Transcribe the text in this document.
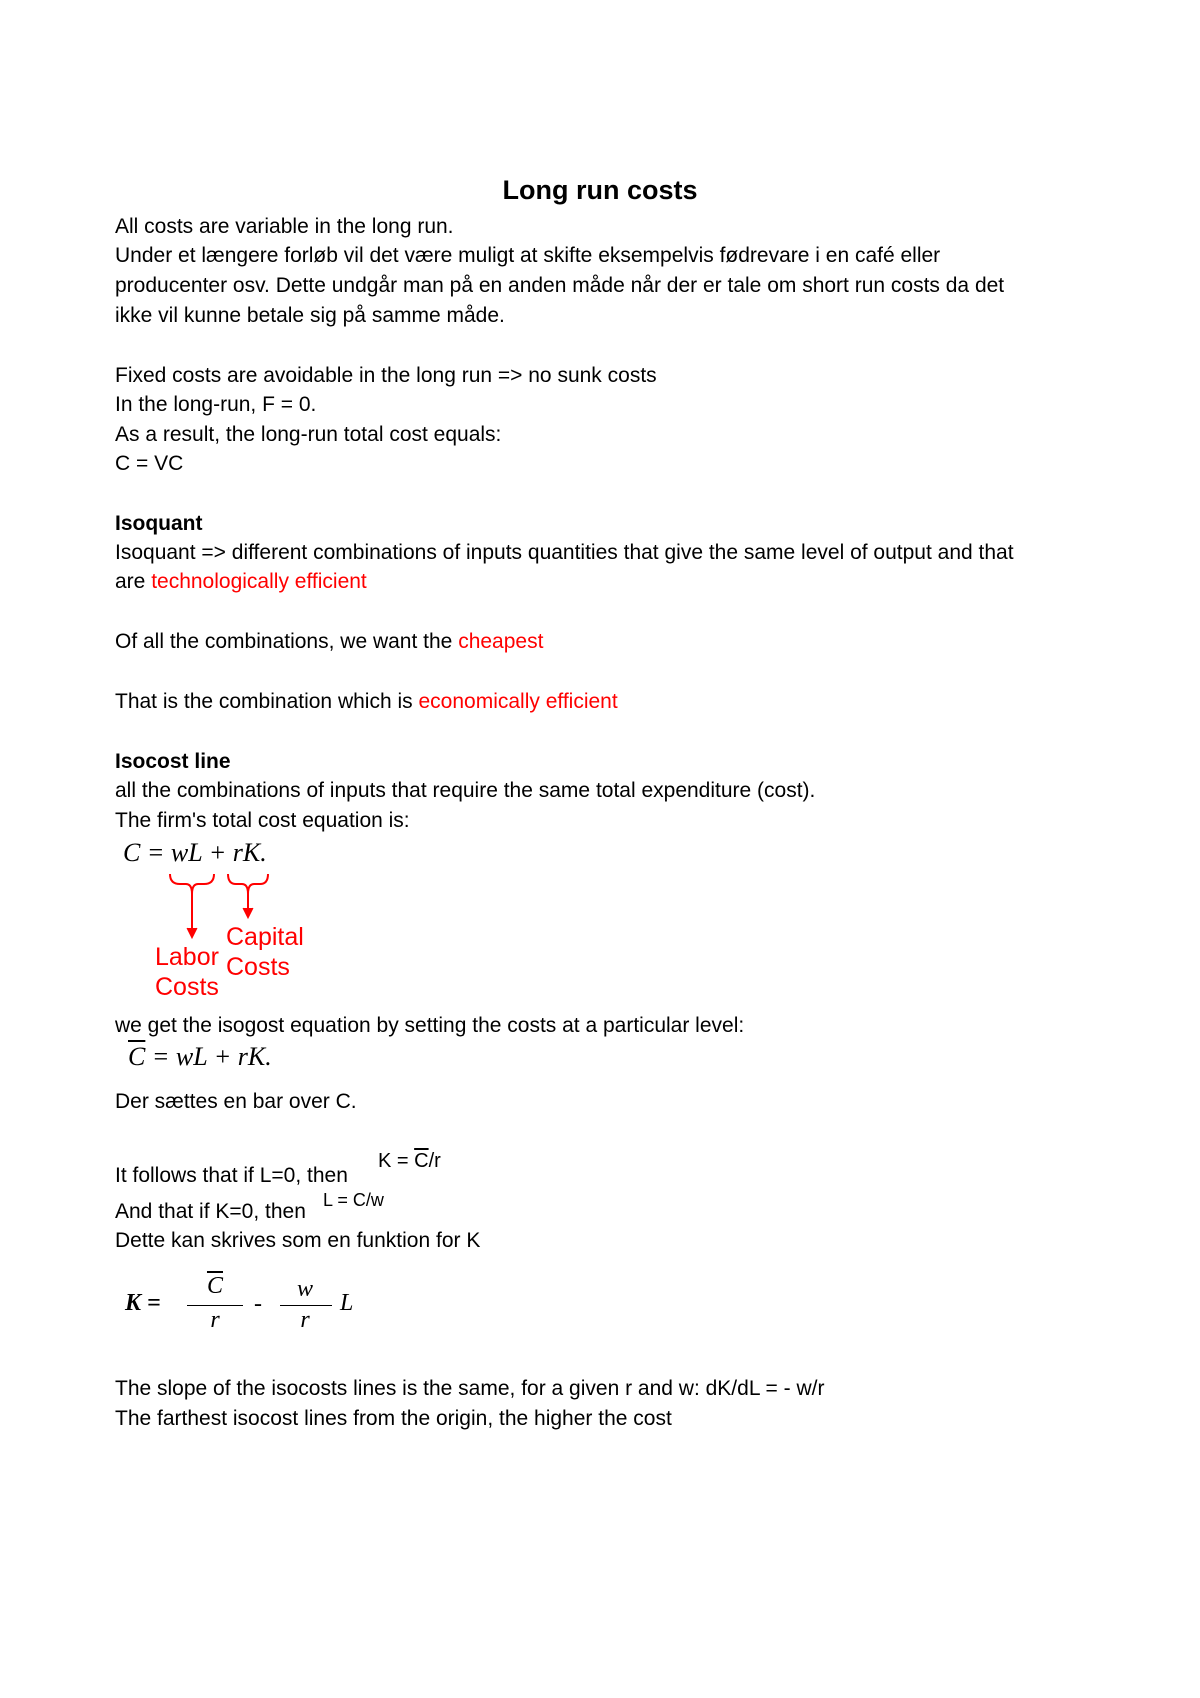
Long run costs
All costs are variable in the long run.
Under et længere forløb vil det være muligt at skifte eksempelvis fødrevare i en café eller
producenter osv. Dette undgår man på en anden måde når der er tale om short run costs da det
ikke vil kunne betale sig på samme måde.
Fixed costs are avoidable in the long run => no sunk costs
In the long-run, F = 0.
As a result, the long-run total cost equals:
C = VC
Isoquant
Isoquant => different combinations of inputs quantities that give the same level of output and that
are technologically efficient
Of all the combinations, we want the cheapest
That is the combination which is economically efficient
Isocost line
all the combinations of inputs that require the same total expenditure (cost).
The firm's total cost equation is:
C = wL + rK.
Labor Costs
Capital Costs
we get the isogost equation by setting the costs at a particular level:
$\overline{C}$ = wL + rK.
Der sættes en bar over C.
It follows that if L=0, then
$K = \overline{C}/r$
And that if K=0, then L = C/w
Dette kan skrives som en funktion for K
K =
$\overline{C}$
r
-
w
r
L
The slope of the isocosts lines is the same, for a given r and w: dK/dL = - w/r
The farthest isocost lines from the origin, the higher the cost
